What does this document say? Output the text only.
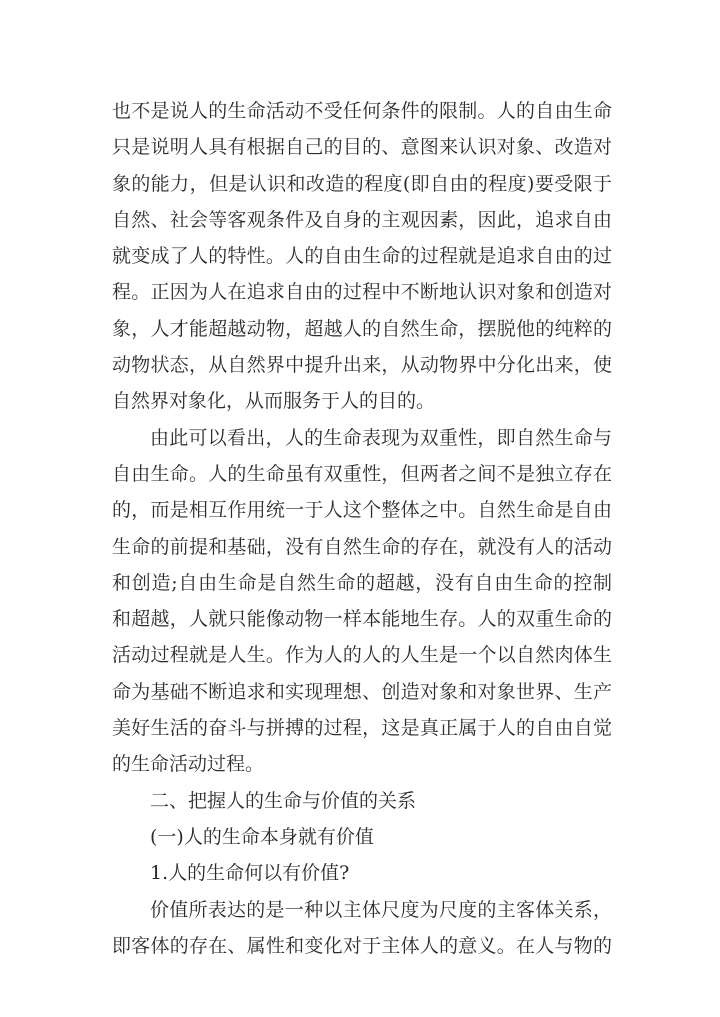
也不是说人的生命活动不受任何条件的限制。人的自由生命
只是说明人具有根据自己的目的、意图来认识对象、改造对
象的能力，但是认识和改造的程度(即自由的程度)要受限于
自然、社会等客观条件及自身的主观因素，因此，追求自由
就变成了人的特性。人的自由生命的过程就是追求自由的过
程。正因为人在追求自由的过程中不断地认识对象和创造对
象，人才能超越动物，超越人的自然生命，摆脱他的纯粹的
动物状态，从自然界中提升出来，从动物界中分化出来，使
自然界对象化，从而服务于人的目的。
由此可以看出，人的生命表现为双重性，即自然生命与
自由生命。人的生命虽有双重性，但两者之间不是独立存在
的，而是相互作用统一于人这个整体之中。自然生命是自由
生命的前提和基础，没有自然生命的存在，就没有人的活动
和创造;自由生命是自然生命的超越，没有自由生命的控制
和超越，人就只能像动物一样本能地生存。人的双重生命的
活动过程就是人生。作为人的人的人生是一个以自然肉体生
命为基础不断追求和实现理想、创造对象和对象世界、生产
美好生活的奋斗与拼搏的过程，这是真正属于人的自由自觉
的生命活动过程。
二、把握人的生命与价值的关系
(一)人的生命本身就有价值
1.人的生命何以有价值?
价值所表达的是一种以主体尺度为尺度的主客体关系，
即客体的存在、属性和变化对于主体人的意义。在人与物的
